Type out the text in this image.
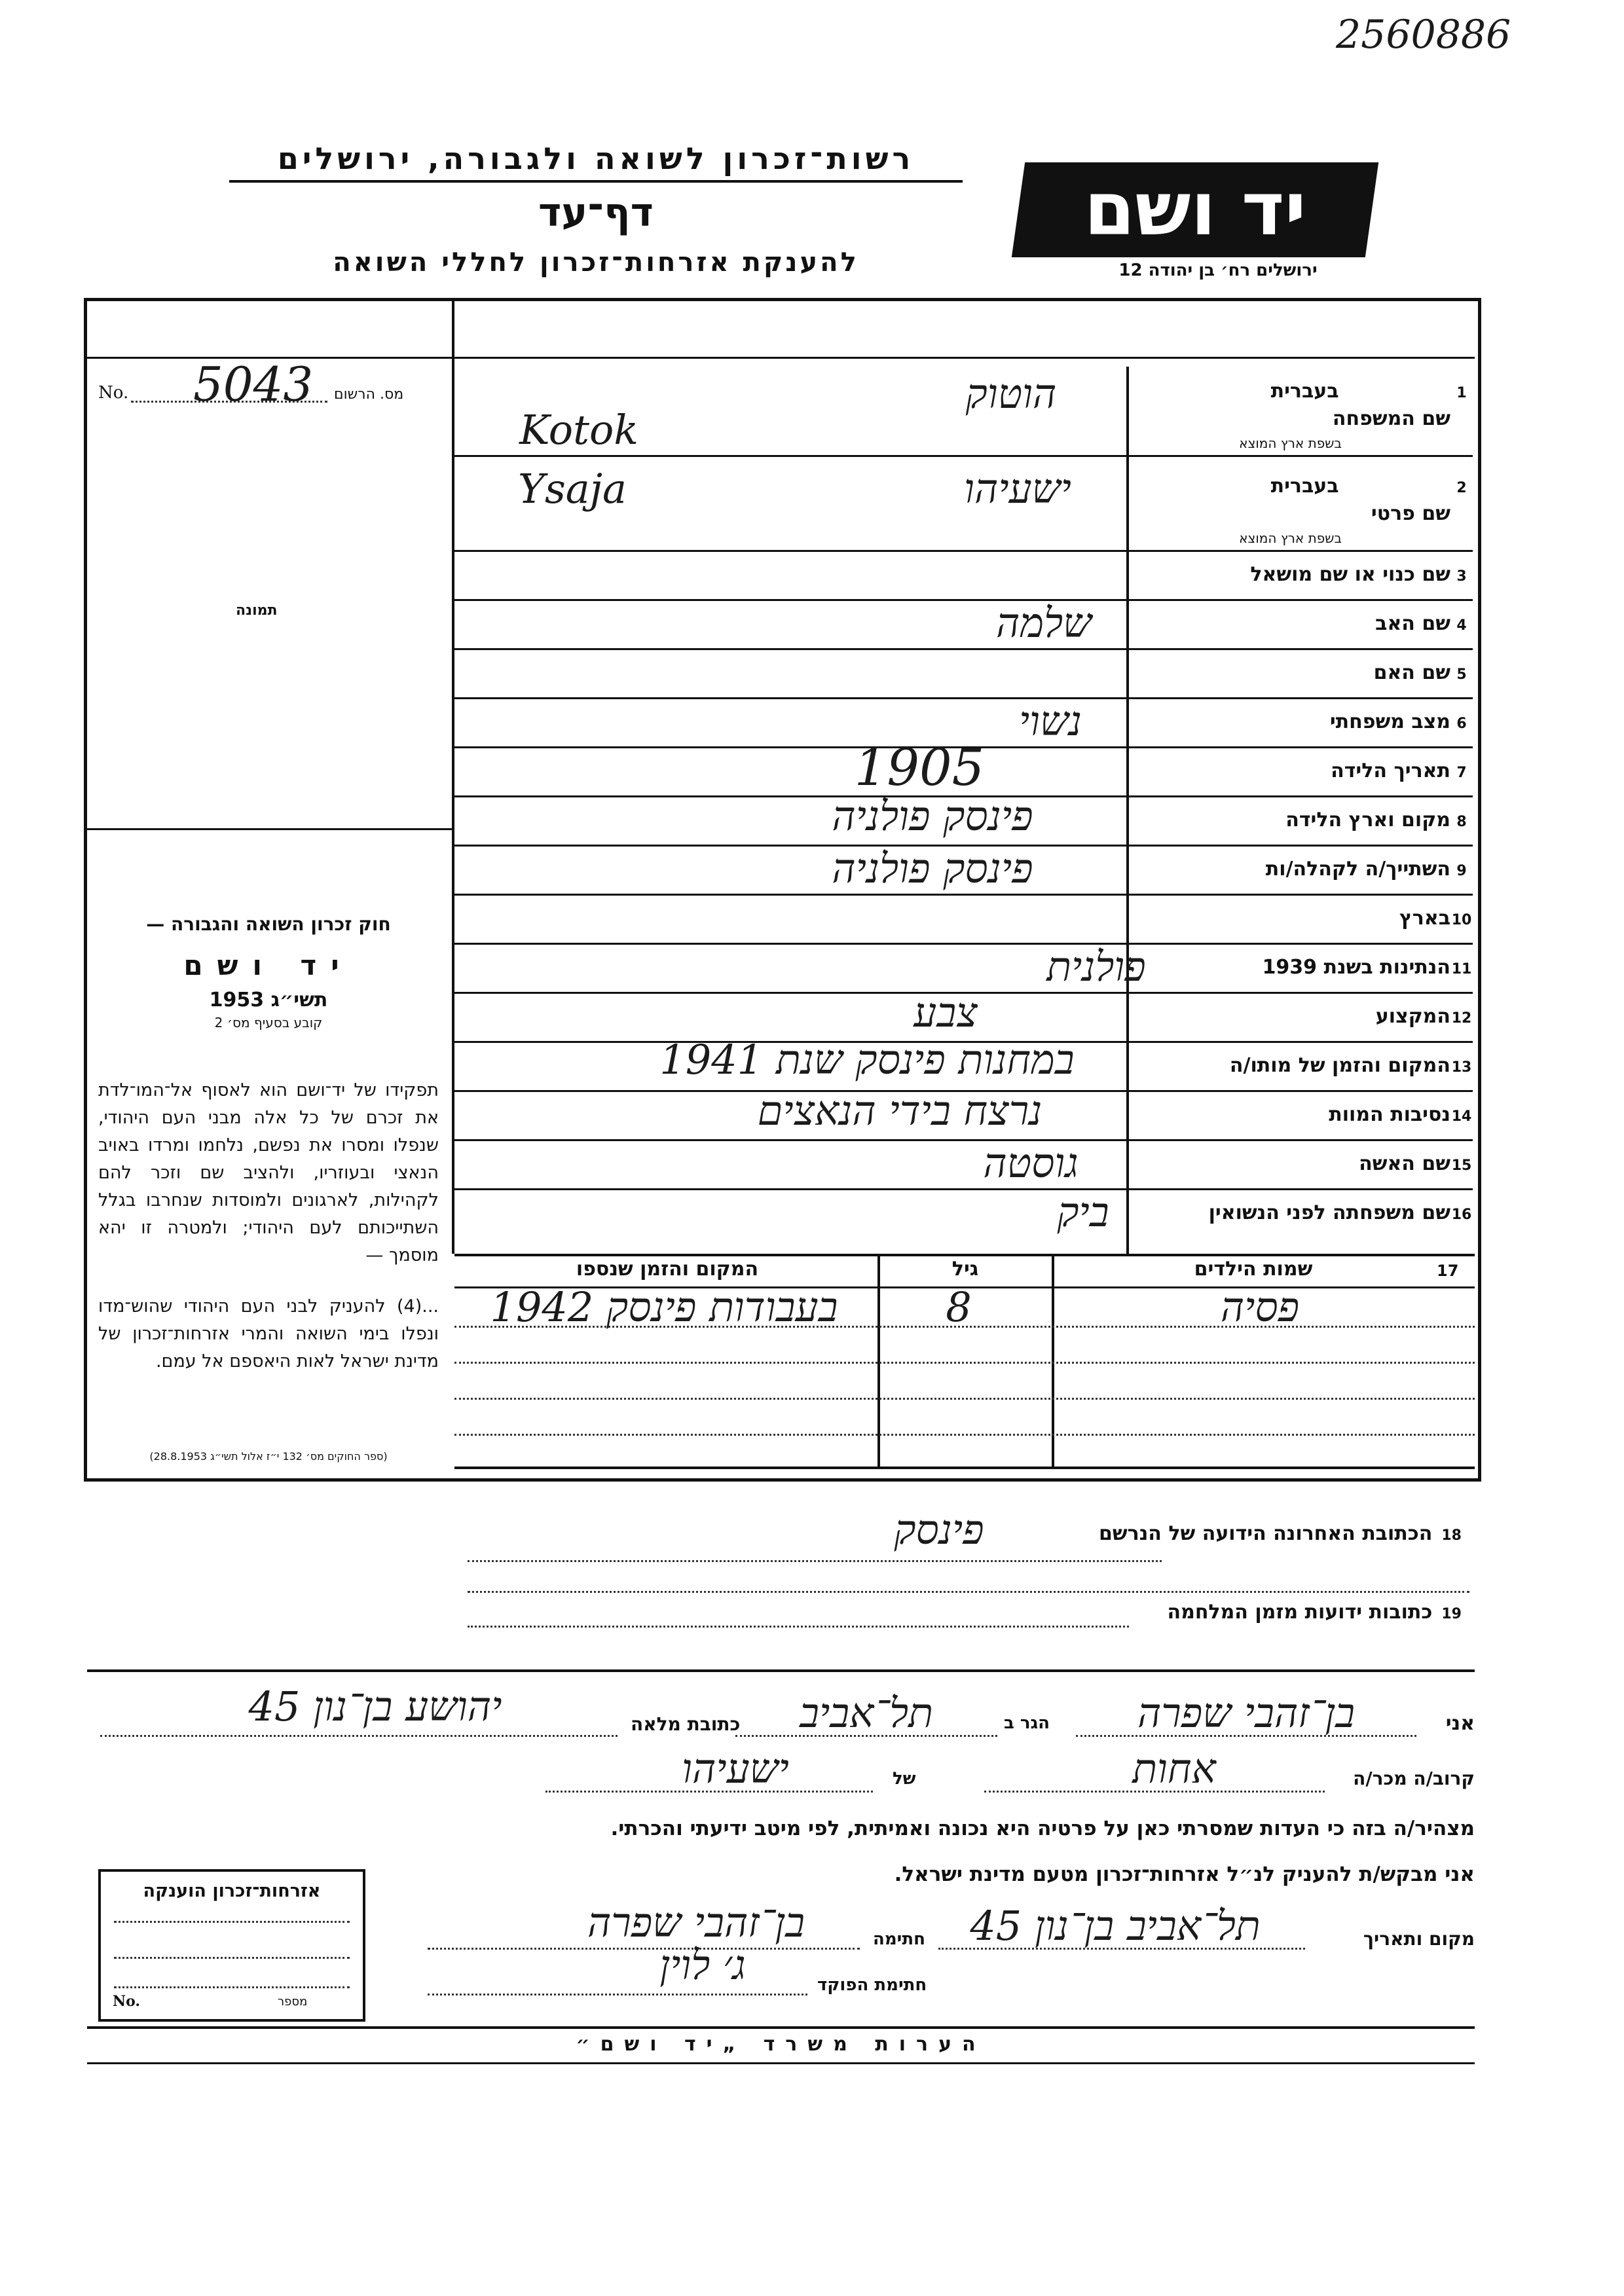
2560886
יד ושם
ירושלים רח׳ בן יהודה 12
רשות־זכרון לשואה ולגבורה, ירושלים
דף־עד
להענקת אזרחות־זכרון לחללי השואה
No. 5043 מס. הרשום
תמונה
חוק זכרון השואה והגבורה —
יד ושם
תשי״ג 1953
קובע בסעיף מס׳ 2
תפקידו של יד־ושם הוא לאסוף אל־המו־לדת את זכרם של כל אלה מבני העם היהודי, שנפלו ומסרו את נפשם, נלחמו ומרדו באויב הנאצי ובעוזריו, ולהציב שם וזכר להם לקהילות, לארגונים ולמוסדות שנחרבו בגלל השתייכותם לעם היהודי; ולמטרה זו יהא מוסמך —
...(4) להעניק לבני העם היהודי שהוש־מדו ונפלו בימי השואה והמרי אזרחות־זכרון של מדינת ישראל לאות היאספם אל עמם.
(ספר החוקים מס׳ 132 י״ז אלול תשי״ג 28.8.1953)
1 בעברית
שם המשפחה
בשפת ארץ המוצא
הוטוק
Kotok
2 בעברית
שם פרטי
בשפת ארץ המוצא
ישעיהו
Ysaja
3שם כנוי או שם מושאל
4שם האב
שלמה
5שם האם
6מצב משפחתי
נשוי
7תאריך הלידה
1905
8מקום וארץ הלידה
פינסק פולניה
9השתייך/ה לקהלה/ות
פינסק פולניה
10בארץ
11הנתינות בשנת 1939
פולנית
12המקצוע
צבע
13המקום והזמן של מותו/ה
במחנות פינסק שנת 1941
14נסיבות המוות
נרצח בידי הנאצים
15שם האשה
גוסטה
16שם משפחתה לפני הנשואין
ביק
17
שמות הילדים
גיל
המקום והזמן שנספו
פסיה
8
בעבודות פינסק 1942
18הכתובת האחרונה הידועה של הנרשם
פינסק
19כתובות ידועות מזמן המלחמה
אני
בן־זהבי שפרה
הגר ב
תל־אביב
כתובת מלאה
יהושע בן־נון 45
קרוב/ה מכר/ה
אחות
של
ישעיהו
מצהיר/ה בזה כי העדות שמסרתי כאן על פרטיה היא נכונה ואמיתית, לפי מיטב ידיעתי והכרתי.
אני מבקש/ת להעניק לנ״ל אזרחות־זכרון מטעם מדינת ישראל.
מקום ותאריך
תל־אביב בן־נון 45
חתימה
בן־זהבי שפרה
חתימת הפוקד
ג׳ לוין
אזרחות־זכרון הוענקה
No.	מספר
הערות משרד „יד ושם״
